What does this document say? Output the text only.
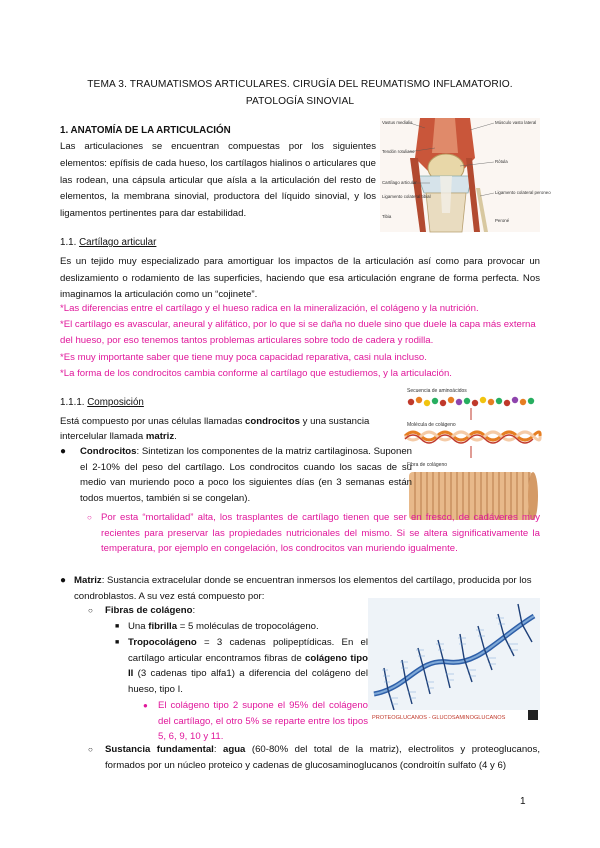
TEMA 3. TRAUMATISMOS ARTICULARES. CIRUGÍA DEL REUMATISMO INFLAMATORIO.
PATOLOGÍA SINOVIAL
1. ANATOMÍA DE LA ARTICULACIÓN
Las articulaciones se encuentran compuestas por los siguientes elementos: epífisis de cada hueso, los cartílagos hialinos o articulares que las rodean, una cápsula articular que aísla a la articulación del resto de elementos, la membrana sinovial, productora del líquido sinovial, y los ligamentos pertinentes para dar estabilidad.
Vastus medialis
Tendón rotuliano
Cartílago articular
Ligamento colateral tibial
Músculo vasto lateral
Rótula
Ligamento colateral peroneo
Tibia
Peroné
1.1. Cartílago articular
Es un tejido muy especializado para amortiguar los impactos de la articulación así como para provocar un deslizamiento o rodamiento de las superficies, haciendo que esa articulación engrane de forma perfecta. Nos imaginamos la articulación como un “cojinete”.
*Las diferencias entre el cartílago y el hueso radica en la mineralización, el colágeno y la nutrición.
*El cartílago es avascular, aneural y alifático, por lo que si se daña no duele sino que duele la capa más externa del hueso, por eso tenemos tantos problemas articulares sobre todo de cadera y rodilla.
*Es muy importante saber que tiene muy poca capacidad reparativa, casi nula incluso.
*La forma de los condrocitos cambia conforme al cartílago que estudiemos, y la articulación.
1.1.1. Composición
Está compuesto por unas células llamadas condrocitos y una sustancia intercelular llamada matriz.
Secuencia de aminoácidos
Molécula de colágeno
Fibra de colágeno
● Condrocitos: Sintetizan los componentes de la matriz cartilaginosa. Suponen el 2-10% del peso del cartílago. Los condrocitos cuando los sacas de su medio van muriendo poco a poco los siguientes días (en 3 semanas están todos muertos, también si se congelan).
○ Por esta “mortalidad” alta, los trasplantes de cartílago tienen que ser en fresco, de cadáveres muy recientes para preservar las propiedades nutricionales del mismo. Si se altera significativamente la temperatura, por ejemplo en congelación, los condrocitos van muriendo igualmente.
● Matriz: Sustancia extracelular donde se encuentran inmersos los elementos del cartílago, producida por los condroblastos. A su vez está compuesto por:
○ Fibras de colágeno:
■ Una fibrilla = 5 moléculas de tropocolágeno.
■ Tropocolágeno = 3 cadenas polipeptídicas. En el cartílago articular encontramos fibras de colágeno tipo II (3 cadenas tipo alfa1) a diferencia del colágeno del hueso, tipo I.
● El colágeno tipo 2 supone el 95% del colágeno del cartílago, el otro 5% se reparte entre los tipos 5, 6, 9, 10 y 11.
PROTEOGLUCANOS - GLUCOSAMINOGLUCANOS
○ Sustancia fundamental: agua (60-80% del total de la matriz), electrolitos y proteoglucanos, formados por un núcleo proteico y cadenas de glucosaminoglucanos (condroitín sulfato (4 y 6)
1
